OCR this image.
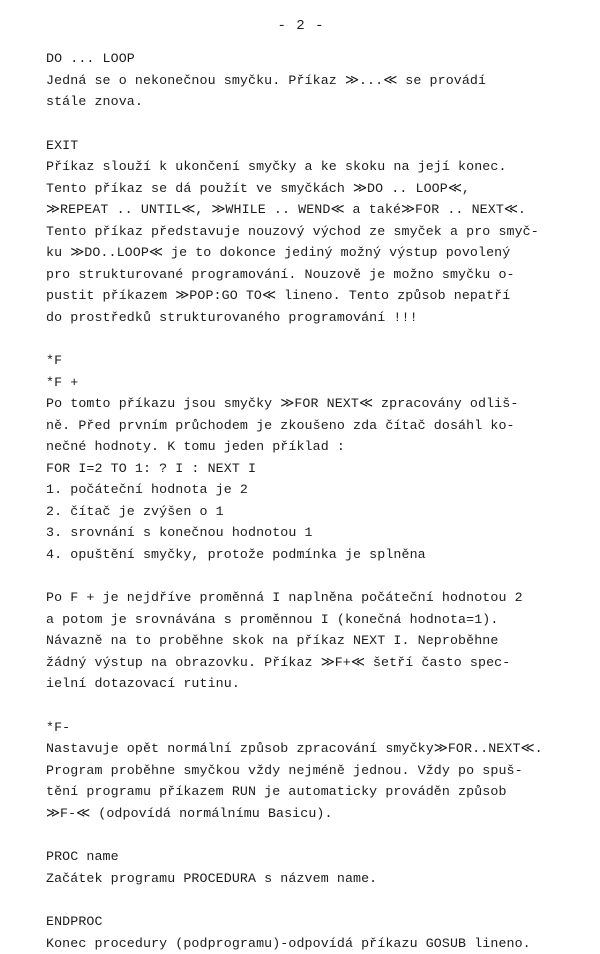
- 2 -
DO ... LOOP
Jedná se o nekonečnou smyčku. Příkaz ≫...≪ se provádí
stále znova.
EXIT
Příkaz slouží k ukončení smyčky a ke skoku na její konec.
Tento příkaz se dá použít ve smyčkách ≫DO .. LOOP≪,
≫REPEAT .. UNTIL≪, ≫WHILE .. WEND≪ a také≫FOR .. NEXT≪.
Tento příkaz představuje nouzový východ ze smyček a pro smyč-
ku ≫DO..LOOP≪ je to dokonce jediný možný výstup povolený
pro strukturované programování. Nouzově je možno smyčku o-
pustit příkazem ≫POP:GO TO≪ lineno. Tento způsob nepatří
do prostředků strukturovaného programování !!!
*F
*F +
Po tomto příkazu jsou smyčky ≫FOR NEXT≪ zpracovány odliš-
ně. Před prvním průchodem je zkoušeno zda čítač dosáhl ko-
nečné hodnoty. K tomu jeden příklad :
FOR I=2 TO 1: ? I : NEXT I
1. počáteční hodnota je 2
2. čítač je zvýšen o 1
3. srovnání s konečnou hodnotou 1
4. opuštění smyčky, protože podmínka je splněna
Po F + je nejdříve proměnná I naplněna počáteční hodnotou 2
a potom je srovnávána s proměnnou I (konečná hodnota=1).
Návazně na to proběhne skok na příkaz NEXT I. Neproběhne
žádný výstup na obrazovku. Příkaz ≫F+≪ šetří často spec-
ielní dotazovací rutinu.
*F-
Nastavuje opět normální způsob zpracování smyčky≫FOR..NEXT≪.
Program proběhne smyčkou vždy nejméně jednou. Vždy po spuš-
tění programu příkazem RUN je automaticky prováděn způsob
≫F-≪ (odpovídá normálnímu Basicu).
PROC name
Začátek programu PROCEDURA s názvem name.
ENDPROC
Konec procedury (podprogramu)-odpovídá příkazu GOSUB lineno.
